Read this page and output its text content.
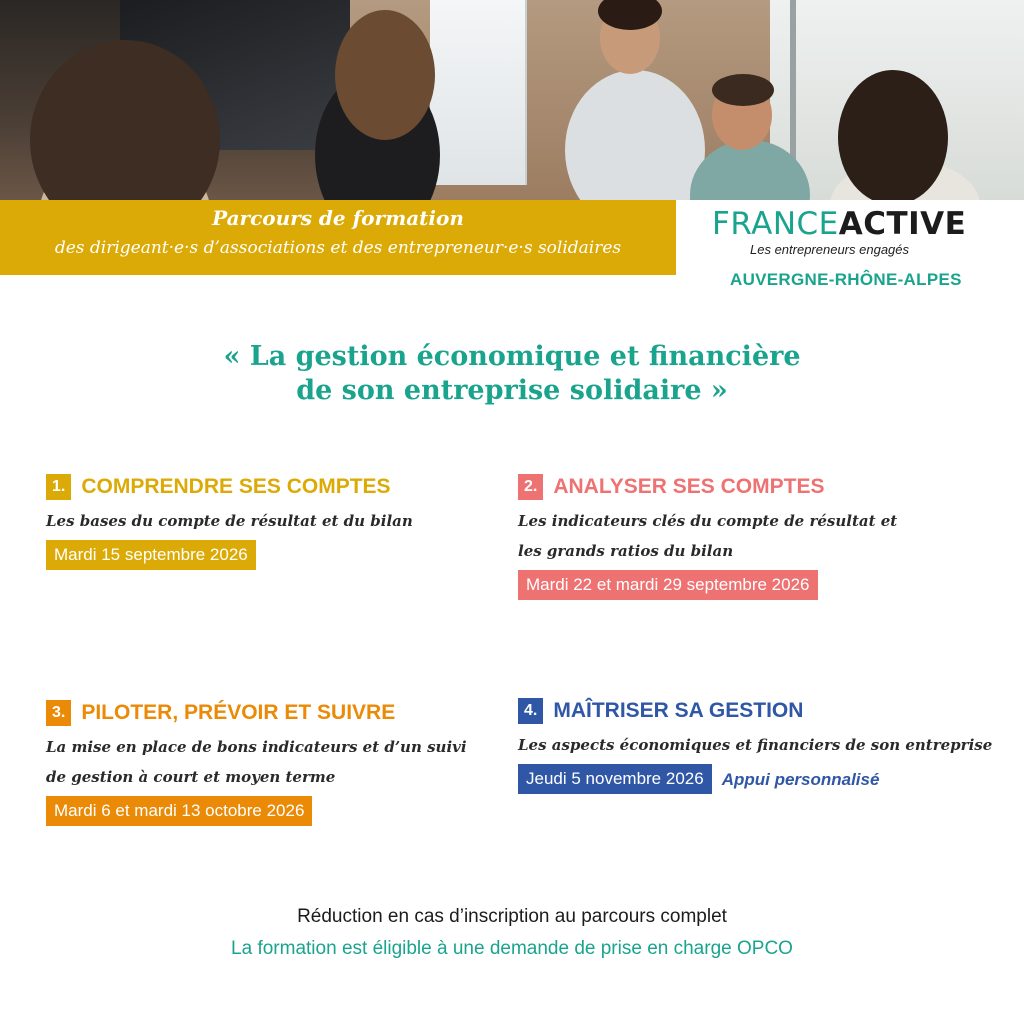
Parcours de formation
des dirigeant·e·s d’associations et des entrepreneur·e·s solidaires
FRANCEACTIVE
Les entrepreneurs engagés
AUVERGNE-RHÔNE-ALPES
« La gestion économique et financière
de son entreprise solidaire »
1. COMPRENDRE SES COMPTES
Les bases du compte de résultat et du bilan
Mardi 15 septembre 2026
2. ANALYSER SES COMPTES
Les indicateurs clés du compte de résultat et
les grands ratios du bilan
Mardi 22 et mardi 29 septembre 2026
3. PILOTER, PRÉVOIR ET SUIVRE
La mise en place de bons indicateurs et d’un suivi
de gestion à court et moyen terme
Mardi 6 et mardi 13 octobre 2026
4. MAÎTRISER SA GESTION
Les aspects économiques et financiers de son entreprise
Jeudi 5 novembre 2026 Appui personnalisé
Réduction en cas d’inscription au parcours complet
La formation est éligible à une demande de prise en charge OPCO
